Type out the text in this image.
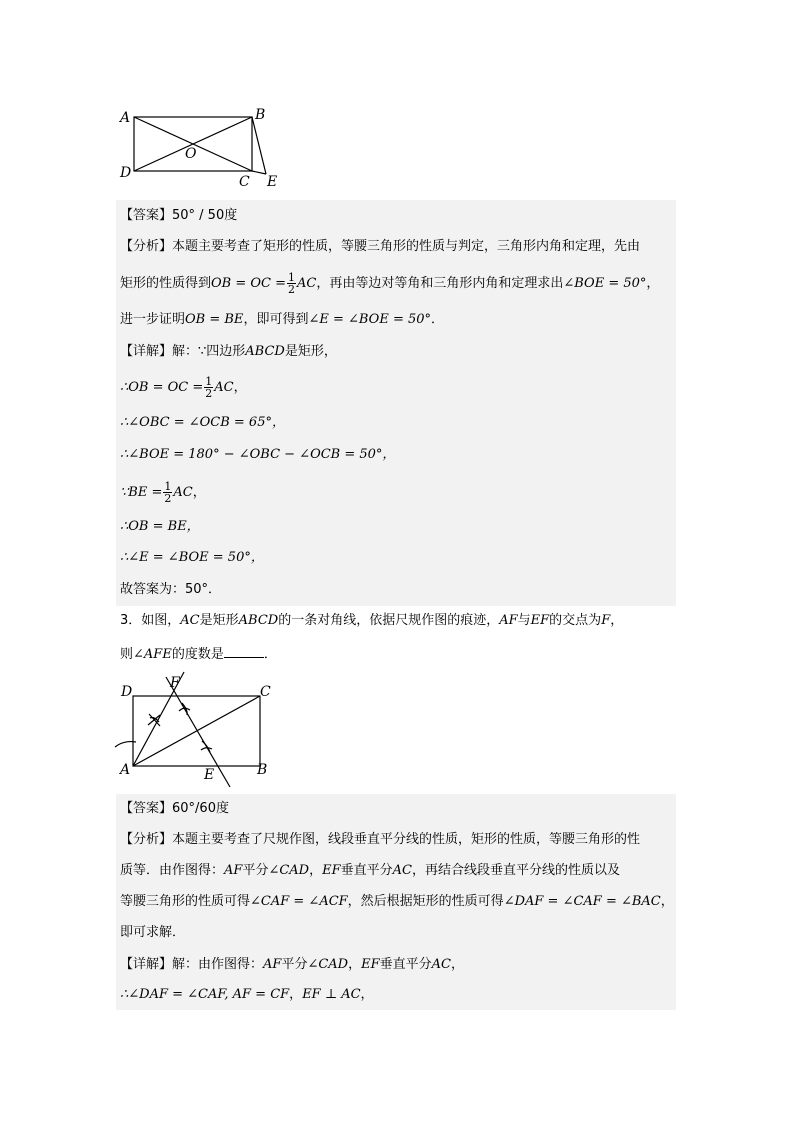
A	B
O
D
C E
【答案】50° / 50度
【分析】本题主要考查了矩形的性质，等腰三角形的性质与判定，三角形内角和定理，先由
矩形的性质得到OB = OC = $\frac{1}{2}$ AC，再由等边对等角和三角形内角和定理求出∠BOE = 50°，
进一步证明OB = BE，即可得到∠E = ∠BOE = 50°．
【详解】解：∵四边形ABCD是矩形，
∴OB = OC = $\frac{1}{2}$ AC，
∴∠OBC = ∠OCB = 65°，
∴∠BOE = 180° − ∠OBC − ∠OCB = 50°，
∵BE = $\frac{1}{2}$ AC，
∴OB = BE，
∴∠E = ∠BOE = 50°，
故答案为：50°．
3．如图，AC是矩形ABCD的一条对角线，依据尺规作图的痕迹，AF与EF的交点为F，
则∠AFE的度数是	．
D
F
C
A	E	B
【答案】60°/60度
【分析】本题主要考查了尺规作图，线段垂直平分线的性质，矩形的性质，等腰三角形的性
质等．由作图得：AF平分∠CAD，EF垂直平分AC，再结合线段垂直平分线的性质以及
等腰三角形的性质可得∠CAF = ∠ACF，然后根据矩形的性质可得∠DAF = ∠CAF = ∠BAC，
即可求解．
【详解】解：由作图得：AF平分∠CAD，EF垂直平分AC，
∴∠DAF = ∠CAF, AF = CF，EF ⊥ AC，
